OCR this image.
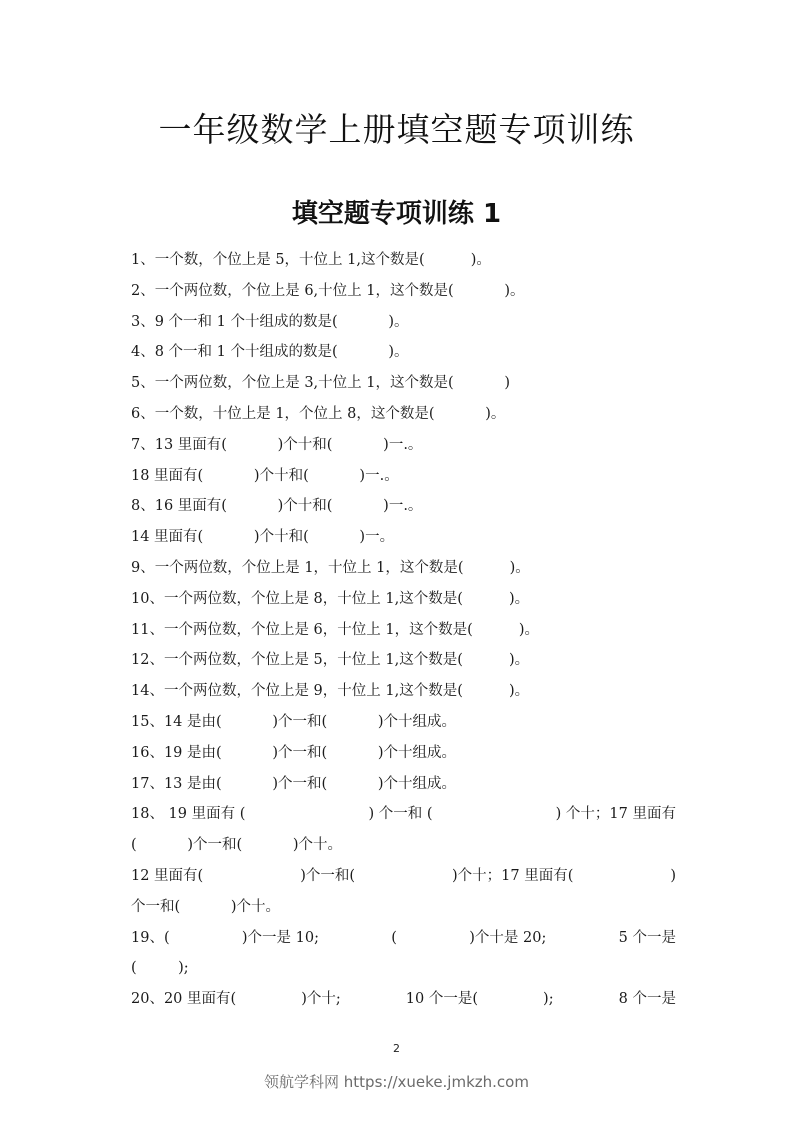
一年级数学上册填空题专项训练
填空题专项训练 1
1、一个数，个位上是 5，十位上 1,这个数是(          )。
2、一个两位数，个位上是 6,十位上 1，这个数是(           )。
3、9 个一和 1 个十组成的数是(           )。
4、8 个一和 1 个十组成的数是(           )。
5、一个两位数，个位上是 3,十位上 1，这个数是(           )
6、一个数，十位上是 1，个位上 8，这个数是(           )。
7、13 里面有(           )个十和(           )一.。
18 里面有(           )个十和(           )一.。
8、16 里面有(           )个十和(           )一.。
14 里面有(           )个十和(           )一。
9、一个两位数，个位上是 1，十位上 1，这个数是(          )。
10、一个两位数，个位上是 8，十位上 1,这个数是(          )。
11、一个两位数，个位上是 6，十位上 1，这个数是(          )。
12、一个两位数，个位上是 5，十位上 1,这个数是(          )。
14、一个两位数，个位上是 9，十位上 1,这个数是(          )。
15、14 是由(           )个一和(           )个十组成。
16、19 是由(           )个一和(           )个十组成。
17、13 是由(           )个一和(           )个十组成。
18、 19 里面有 (	) 个一和 (	) 个十；17 里面有
(           )个一和(           )个十。
12 里面有(	)个一和(	)个十；17 里面有(	)
个一和(           )个十。
19、(	)个一是 10;	(	)个十是 20;	5 个一是
(         );
20、20 里面有(	)个十;	10 个一是(	);	8 个一是
2
领航学科网 https://xueke.jmkzh.com
